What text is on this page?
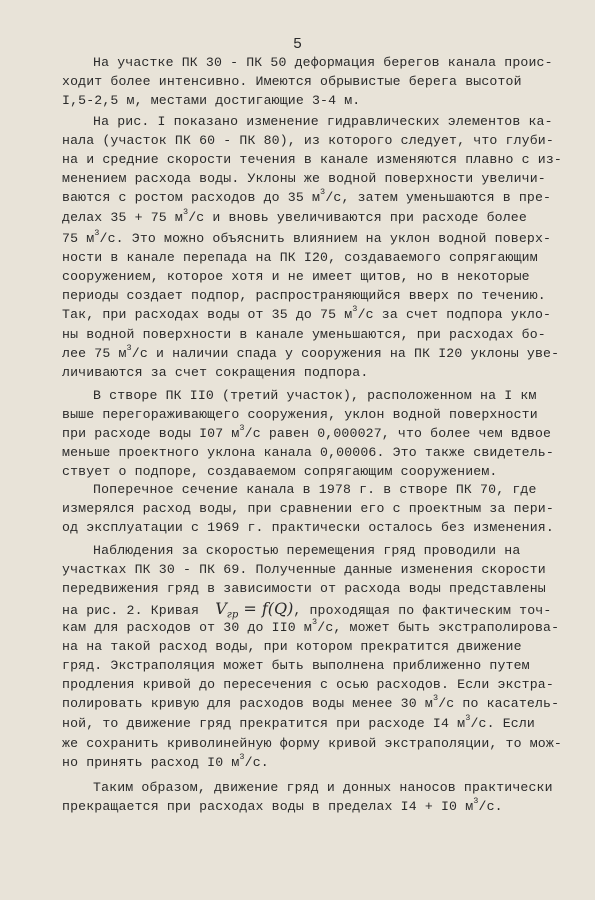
5
На участке ПК 30 - ПК 50 деформация берегов канала проис-
ходит более интенсивно. Имеются обрывистые берега высотой
I,5-2,5 м, местами достигающие 3-4 м.
На рис. I показано изменение гидравлических элементов ка-
нала (участок ПК 60 - ПК 80), из которого следует, что глуби-
на и средние скорости течения в канале изменяются плавно с из-
менением расхода воды. Уклоны же водной поверхности увеличи-
ваются с ростом расходов до 35 $м^3/с$, затем уменьшаются в пре-
делах 35 + 75 $м^3/с$ и вновь увеличиваются при расходе более
75 $м^3/с$. Это можно объяснить влиянием на уклон водной поверх-
ности в канале перепада на ПК I20, создаваемого сопрягающим
сооружением, которое хотя и не имеет щитов, но в некоторые
периоды создает подпор, распространяющийся вверх по течению.
Так, при расходах воды от 35 до 75 $м^3/с$ за счет подпора укло-
ны водной поверхности в канале уменьшаются, при расходах бо-
лее 75 $м^3/с$ и наличии спада у сооружения на ПК I20 уклоны уве-
личиваются за счет сокращения подпора.
В створе ПК II0 (третий участок), расположенном на I км
выше перегораживающего сооружения, уклон водной поверхности
при расходе воды I07 $м^3/с$ равен 0,000027, что более чем вдвое
меньше проектного уклона канала 0,00006. Это также свидетель-
ствует о подпоре, создаваемом сопрягающим сооружением.
Поперечное сечение канала в 1978 г. в створе ПК 70, где
измерялся расход воды, при сравнении его с проектным за пери-
од эксплуатации с 1969 г. практически осталось без изменения.
Наблюдения за скоростью перемещения гряд проводили на
участках ПК 30 - ПК 69. Полученные данные изменения скорости
передвижения гряд в зависимости от расхода воды представлены
на рис. 2. Кривая  $V_{гр} = f(Q)$, проходящая по фактическим точ-
кам для расходов от 30 до II0 $м^3/с$, может быть экстраполирова-
на на такой расход воды, при котором прекратится движение
гряд. Экстраполяция может быть выполнена приближенно путем
продления кривой до пересечения с осью расходов. Если экстра-
полировать кривую для расходов воды менее 30 $м^3/с$ по касатель-
ной, то движение гряд прекратится при расходе I4 $м^3/с$. Если
же сохранить криволинейную форму кривой экстраполяции, то мож-
но принять расход I0 $м^3/с$.
Таким образом, движение гряд и донных наносов практически
прекращается при расходах воды в пределах I4 + I0 $м^3/с$.
